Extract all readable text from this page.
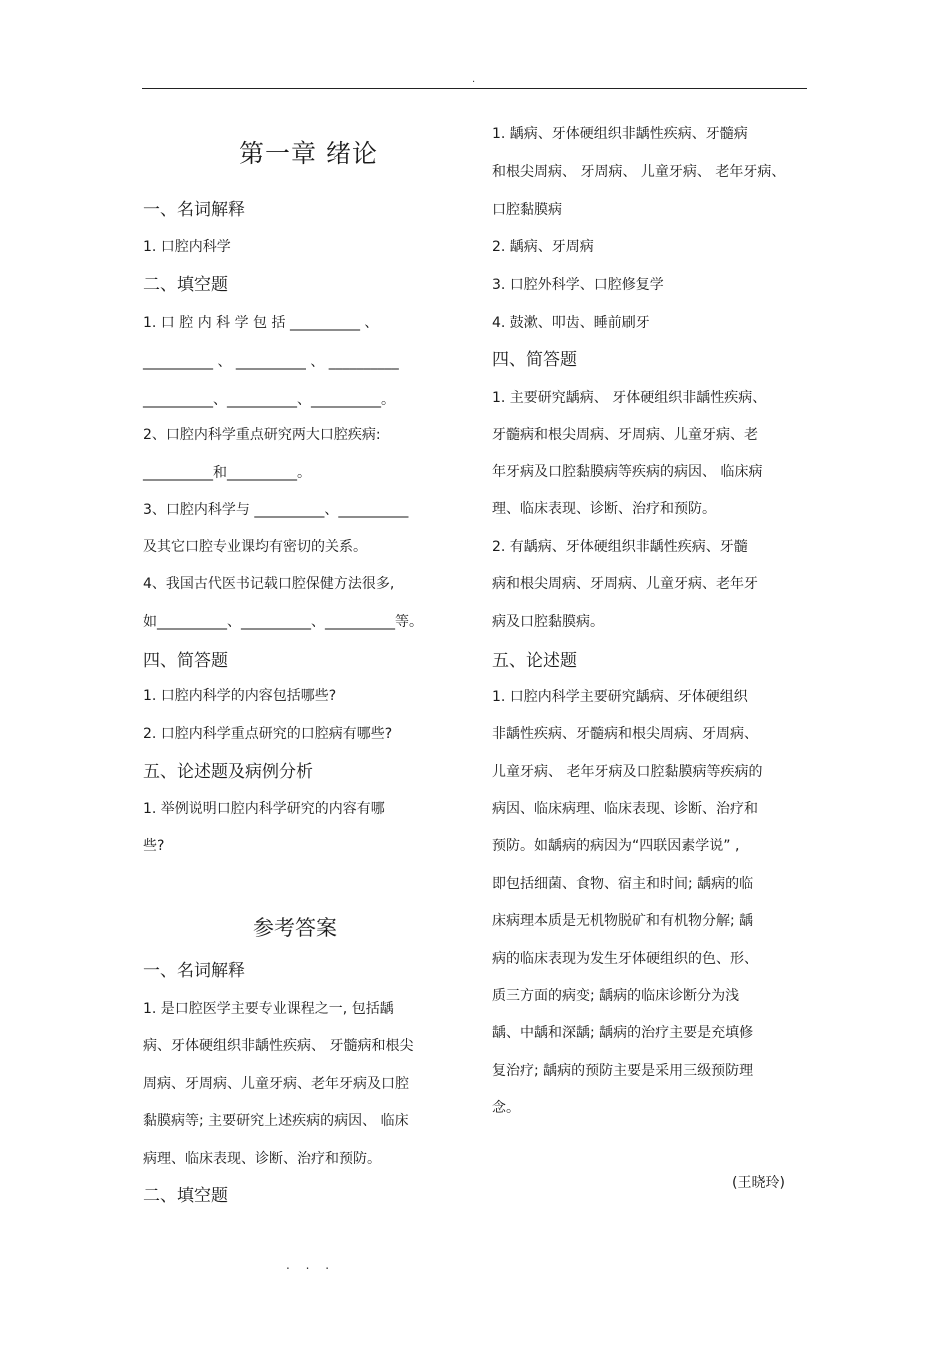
.
第一章 绪论
一、名词解释
1. 口腔内科学
二、填空题
1. 口 腔 内 科 学 包 括 __________ 、
__________ 、 __________ 、 __________
__________、__________、__________。
2、口腔内科学重点研究两大口腔疾病:
__________和__________。
3、口腔内科学与 __________、__________
及其它口腔专业课均有密切的关系。
4、我国古代医书记载口腔保健方法很多,
如__________、__________、__________等。
四、简答题
1. 口腔内科学的内容包括哪些?
2. 口腔内科学重点研究的口腔病有哪些?
五、论述题及病例分析
1. 举例说明口腔内科学研究的内容有哪
些?
参考答案
一、名词解释
1. 是口腔医学主要专业课程之一, 包括龋
病、牙体硬组织非龋性疾病、 牙髓病和根尖
周病、牙周病、儿童牙病、老年牙病及口腔
黏膜病等; 主要研究上述疾病的病因、 临床
病理、临床表现、诊断、治疗和预防。
二、填空题
1. 龋病、牙体硬组织非龋性疾病、牙髓病
和根尖周病、 牙周病、 儿童牙病、 老年牙病、
口腔黏膜病
2. 龋病、牙周病
3. 口腔外科学、口腔修复学
4. 鼓漱、叩齿、睡前刷牙
四、简答题
1. 主要研究龋病、 牙体硬组织非龋性疾病、
牙髓病和根尖周病、牙周病、儿童牙病、老
年牙病及口腔黏膜病等疾病的病因、 临床病
理、临床表现、诊断、治疗和预防。
2. 有龋病、牙体硬组织非龋性疾病、牙髓
病和根尖周病、牙周病、儿童牙病、老年牙
病及口腔黏膜病。
五、论述题
1. 口腔内科学主要研究龋病、牙体硬组织
非龋性疾病、牙髓病和根尖周病、牙周病、
儿童牙病、 老年牙病及口腔黏膜病等疾病的
病因、临床病理、临床表现、诊断、治疗和
预防。如龋病的病因为“四联因素学说” ,
即包括细菌、食物、宿主和时间; 龋病的临
床病理本质是无机物脱矿和有机物分解; 龋
病的临床表现为发生牙体硬组织的色、形、
质三方面的病变; 龋病的临床诊断分为浅
龋、中龋和深龋; 龋病的治疗主要是充填修
复治疗; 龋病的预防主要是采用三级预防理
念。
(王晓玲)
. . .
